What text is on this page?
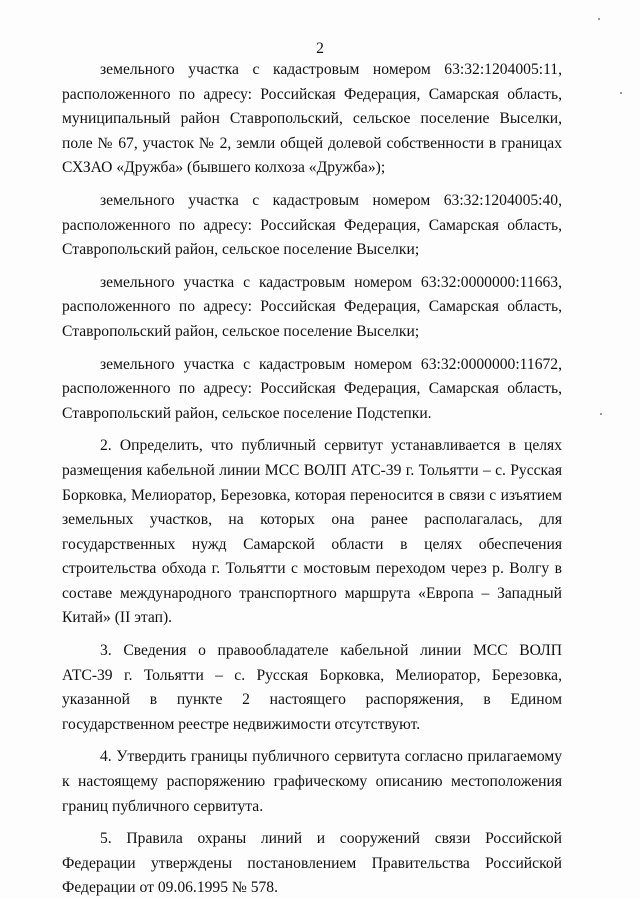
2

земельного участка с кадастровым номером 63:32:1204005:11, расположенного по адресу: Российская Федерация, Самарская область, муниципальный район Ставропольский, сельское поселение Выселки, поле № 67, участок № 2, земли общей долевой собственности в границах СХЗАО «Дружба» (бывшего колхоза «Дружба»);

земельного участка с кадастровым номером 63:32:1204005:40, расположенного по адресу: Российская Федерация, Самарская область, Ставропольский район, сельское поселение Выселки;

земельного участка с кадастровым номером 63:32:0000000:11663, расположенного по адресу: Российская Федерация, Самарская область, Ставропольский район, сельское поселение Выселки;

земельного участка с кадастровым номером 63:32:0000000:11672, расположенного по адресу: Российская Федерация, Самарская область, Ставропольский район, сельское поселение Подстепки.

2. Определить, что публичный сервитут устанавливается в целях размещения кабельной линии МСС ВОЛП АТС-39 г. Тольятти – с. Русская Борковка, Мелиоратор, Березовка, которая переносится в связи с изъятием земельных участков, на которых она ранее располагалась, для государственных нужд Самарской области в целях обеспечения строительства обхода г. Тольятти с мостовым переходом через р. Волгу в составе международного транспортного маршрута «Европа – Западный Китай» (II этап).

3. Сведения о правообладателе кабельной линии МСС ВОЛП АТС-39 г. Тольятти – с. Русская Борковка, Мелиоратор, Березовка, указанной в пункте 2 настоящего распоряжения, в Едином государственном реестре недвижимости отсутствуют.

4. Утвердить границы публичного сервитута согласно прилагаемому к настоящему распоряжению графическому описанию местоположения границ публичного сервитута.

5. Правила охраны линий и сооружений связи Российской Федерации утверждены постановлением Правительства Российской Федерации от 09.06.1995 № 578.
